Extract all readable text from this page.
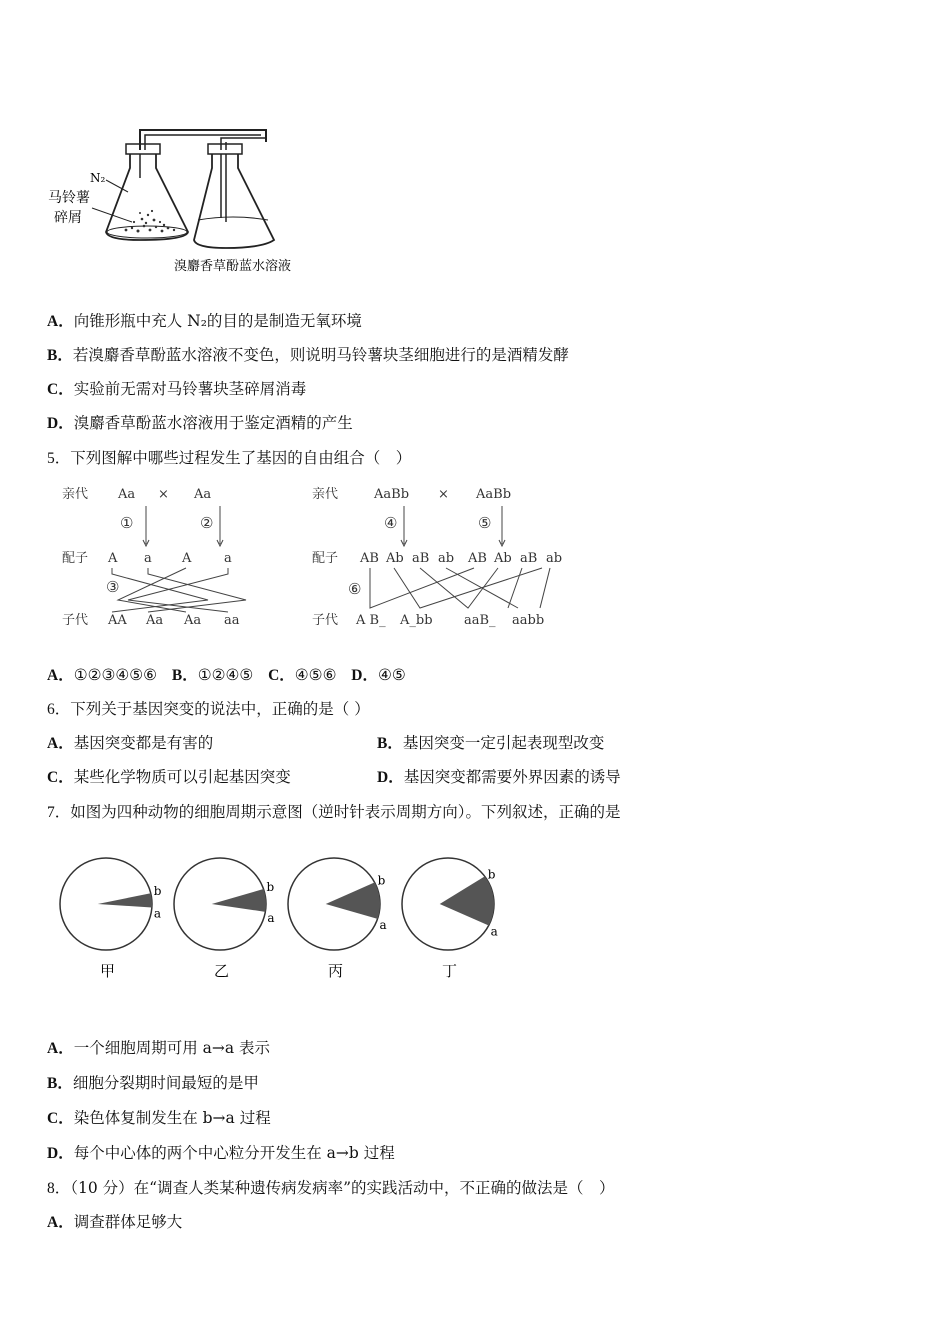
N₂
马铃薯
碎屑
溴麝香草酚蓝水溶液
A．向锥形瓶中充人 N₂的目的是制造无氧环境
B．若溴麝香草酚蓝水溶液不变色，则说明马铃薯块茎细胞进行的是酒精发酵
C．实验前无需对马铃薯块茎碎屑消毒
D．溴麝香草酚蓝水溶液用于鉴定酒精的产生
5．下列图解中哪些过程发生了基因的自由组合（　）
亲代 Aa × Aa
①	②
配子 A a A	a
③
子代 AA Aa Aa aa
亲代	AaBb × AaBb
④	⑤
配子 AB Ab aB ab AB Ab aB ab
⑥
子代 A B_ A_bb aaB_ aabb
A．①②③④⑤⑥ B．①②④⑤ C．④⑤⑥ D．④⑤
6．下列关于基因突变的说法中，正确的是（ ）
A．基因突变都是有害的	B．基因突变一定引起表现型改变
C．某些化学物质可以引起基因突变	D．基因突变都需要外界因素的诱导
7．如图为四种动物的细胞周期示意图（逆时针表示周期方向）。下列叙述，正确的是
b
a
甲
b
a
乙
b
a
丙
b
a
丁
A．一个细胞周期可用 a→a 表示
B．细胞分裂期时间最短的是甲
C．染色体复制发生在 b→a 过程
D．每个中心体的两个中心粒分开发生在 a→b 过程
8．（10 分）在“调查人类某种遗传病发病率”的实践活动中，不正确的做法是（　）
A．调查群体足够大
